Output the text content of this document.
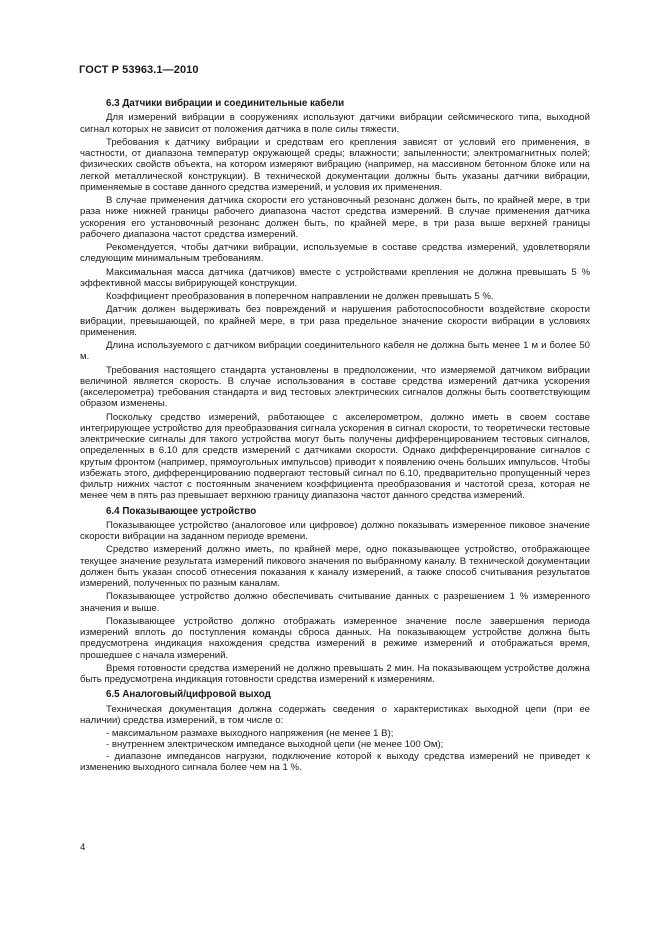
ГОСТ Р 53963.1—2010

6.3 Датчики вибрации и соединительные кабели

Для измерений вибрации в сооружениях используют датчики вибрации сейсмического типа, выходной сигнал которых не зависит от положения датчика в поле силы тяжести.

Требования к датчику вибрации и средствам его крепления зависят от условий его применения, в частности, от диапазона температур окружающей среды; влажности; запыленности; электромагнитных полей; физических свойств объекта, на котором измеряют вибрацию (например, на массивном бетонном блоке или на легкой металлической конструкции). В технической документации должны быть указаны датчики вибрации, применяемые в составе данного средства измерений, и условия их применения.

В случае применения датчика скорости его установочный резонанс должен быть, по крайней мере, в три раза ниже нижней границы рабочего диапазона частот средства измерений. В случае применения датчика ускорения его установочный резонанс должен быть, по крайней мере, в три раза выше верхней границы рабочего диапазона частот средства измерений.

Рекомендуется, чтобы датчики вибрации, используемые в составе средства измерений, удовлетворяли следующим минимальным требованиям.

Максимальная масса датчика (датчиков) вместе с устройствами крепления не должна превышать 5 % эффективной массы вибрирующей конструкции.

Коэффициент преобразования в поперечном направлении не должен превышать 5 %.

Датчик должен выдерживать без повреждений и нарушения работоспособности воздействие скорости вибрации, превышающей, по крайней мере, в три раза предельное значение скорости вибрации в условиях применения.

Длина используемого с датчиком вибрации соединительного кабеля не должна быть менее 1 м и более 50 м.

Требования настоящего стандарта установлены в предположении, что измеряемой датчиком вибрации величиной является скорость. В случае использования в составе средства измерений датчика ускорения (акселерометра) требования стандарта и вид тестовых электрических сигналов должны быть соответствующим образом изменены.

Поскольку средство измерений, работающее с акселерометром, должно иметь в своем составе интегрирующее устройство для преобразования сигнала ускорения в сигнал скорости, то теоретически тестовые электрические сигналы для такого устройства могут быть получены дифференцированием тестовых сигналов, определенных в 6.10 для средств измерений с датчиками скорости. Однако дифференцирование сигналов с крутым фронтом (например, прямоугольных импульсов) приводит к появлению очень больших импульсов. Чтобы избежать этого, дифференцированию подвергают тестовый сигнал по 6.10, предварительно пропущенный через фильтр нижних частот с постоянным значением коэффициента преобразования и частотой среза, которая не менее чем в пять раз превышает верхнюю границу диапазона частот данного средства измерений.

6.4 Показывающее устройство

Показывающее устройство (аналоговое или цифровое) должно показывать измеренное пиковое значение скорости вибрации на заданном периоде времени.

Средство измерений должно иметь, по крайней мере, одно показывающее устройство, отображающее текущее значение результата измерений пикового значения по выбранному каналу. В технической документации должен быть указан способ отнесения показания к каналу измерений, а также способ считывания результатов измерений, полученных по разным каналам.

Показывающее устройство должно обеспечивать считывание данных с разрешением 1 % измеренного значения и выше.

Показывающее устройство должно отображать измеренное значение после завершения периода измерений вплоть до поступления команды сброса данных. На показывающем устройстве должна быть предусмотрена индикация нахождения средства измерений в режиме измерений и отображаться время, прошедшее с начала измерений.

Время готовности средства измерений не должно превышать 2 мин. На показывающем устройстве должна быть предусмотрена индикация готовности средства измерений к измерениям.

6.5 Аналоговый/цифровой выход

Техническая документация должна содержать сведения о характеристиках выходной цепи (при ее наличии) средства измерений, в том числе о:

- максимальном размахе выходного напряжения (не менее 1 В);
- внутреннем электрическом импедансе выходной цепи (не менее 100 Ом);
- диапазоне импедансов нагрузки, подключение которой к выходу средства измерений не приведет к изменению выходного сигнала более чем на 1 %.

4
